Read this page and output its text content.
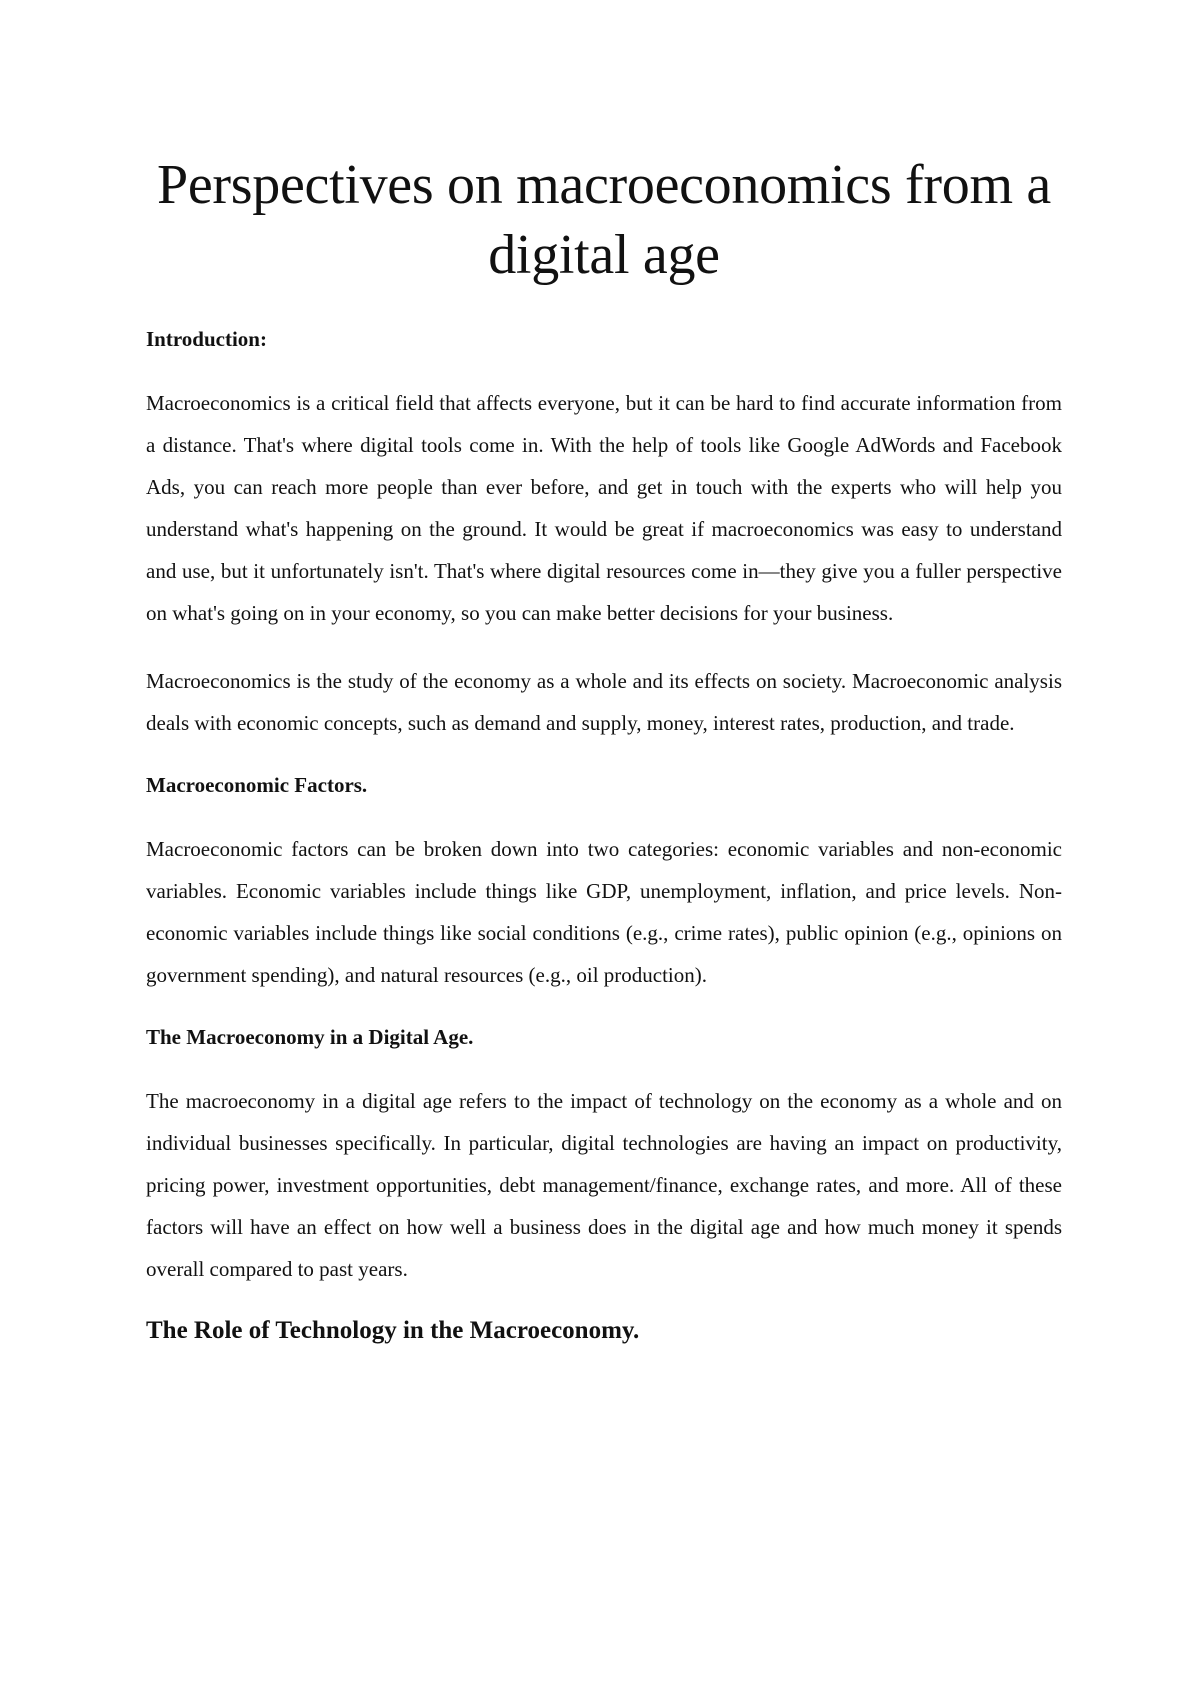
Perspectives on macroeconomics from a digital age
Introduction:

Macroeconomics is a critical field that affects everyone, but it can be hard to find accurate information from a distance. That's where digital tools come in. With the help of tools like Google AdWords and Facebook Ads, you can reach more people than ever before, and get in touch with the experts who will help you understand what's happening on the ground. It would be great if macroeconomics was easy to understand and use, but it unfortunately isn't. That's where digital resources come in—they give you a fuller perspective on what's going on in your economy, so you can make better decisions for your business.

Macroeconomics is the study of the economy as a whole and its effects on society. Macroeconomic analysis deals with economic concepts, such as demand and supply, money, interest rates, production, and trade.

Macroeconomic Factors.

Macroeconomic factors can be broken down into two categories: economic variables and non-economic variables. Economic variables include things like GDP, unemployment, inflation, and price levels. Non-economic variables include things like social conditions (e.g., crime rates), public opinion (e.g., opinions on government spending), and natural resources (e.g., oil production).

The Macroeconomy in a Digital Age.

The macroeconomy in a digital age refers to the impact of technology on the economy as a whole and on individual businesses specifically. In particular, digital technologies are having an impact on productivity, pricing power, investment opportunities, debt management/finance, exchange rates, and more. All of these factors will have an effect on how well a business does in the digital age and how much money it spends overall compared to past years.

The Role of Technology in the Macroeconomy.
